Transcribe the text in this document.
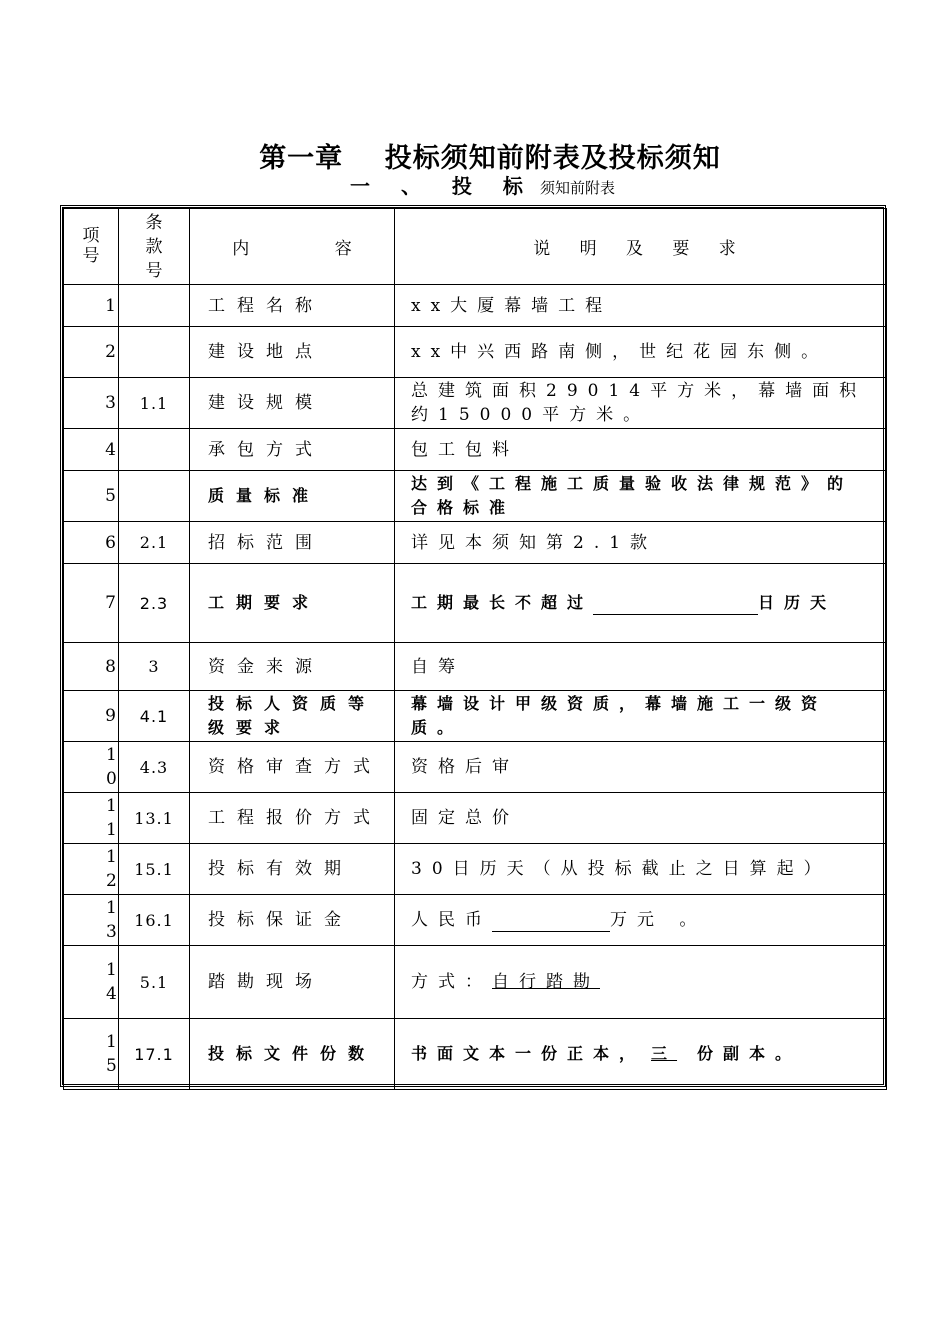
第一章    投标须知前附表及投标须知
一 、 投 标 须知前附表
项号	条款号	内 容	说 明 及 要 求
1		工程名称	xx大厦幕墙工程
2		建设地点	xx中兴西路南侧，世纪花园东侧。
3	1.1	建设规模	总建筑面积29014平方米，幕墙面积约15000平方米。
4		承包方式	包工包料
5		质量标准	达到《工程施工质量验收法律规范》的合格标准
6	2.1	招标范围	详见本须知第2.1款
7	2.3	工期要求	工期最长不超过 日历天
8	3	资金来源	自筹
9	4.1	投标人资质等级要求	幕墙设计甲级资质，幕墙施工一级资质。
10	4.3	资格审查方式	资格后审
11	13.1	工程报价方式	固定总价
12	15.1	投标有效期	30日历天（从投标截止之日算起）
13	16.1	投标保证金	人民币 万元 。
14	5.1	踏勘现场	方式：自行踏勘
15	17.1	投标文件份数	书面文本一份正本， 三 份副本。
